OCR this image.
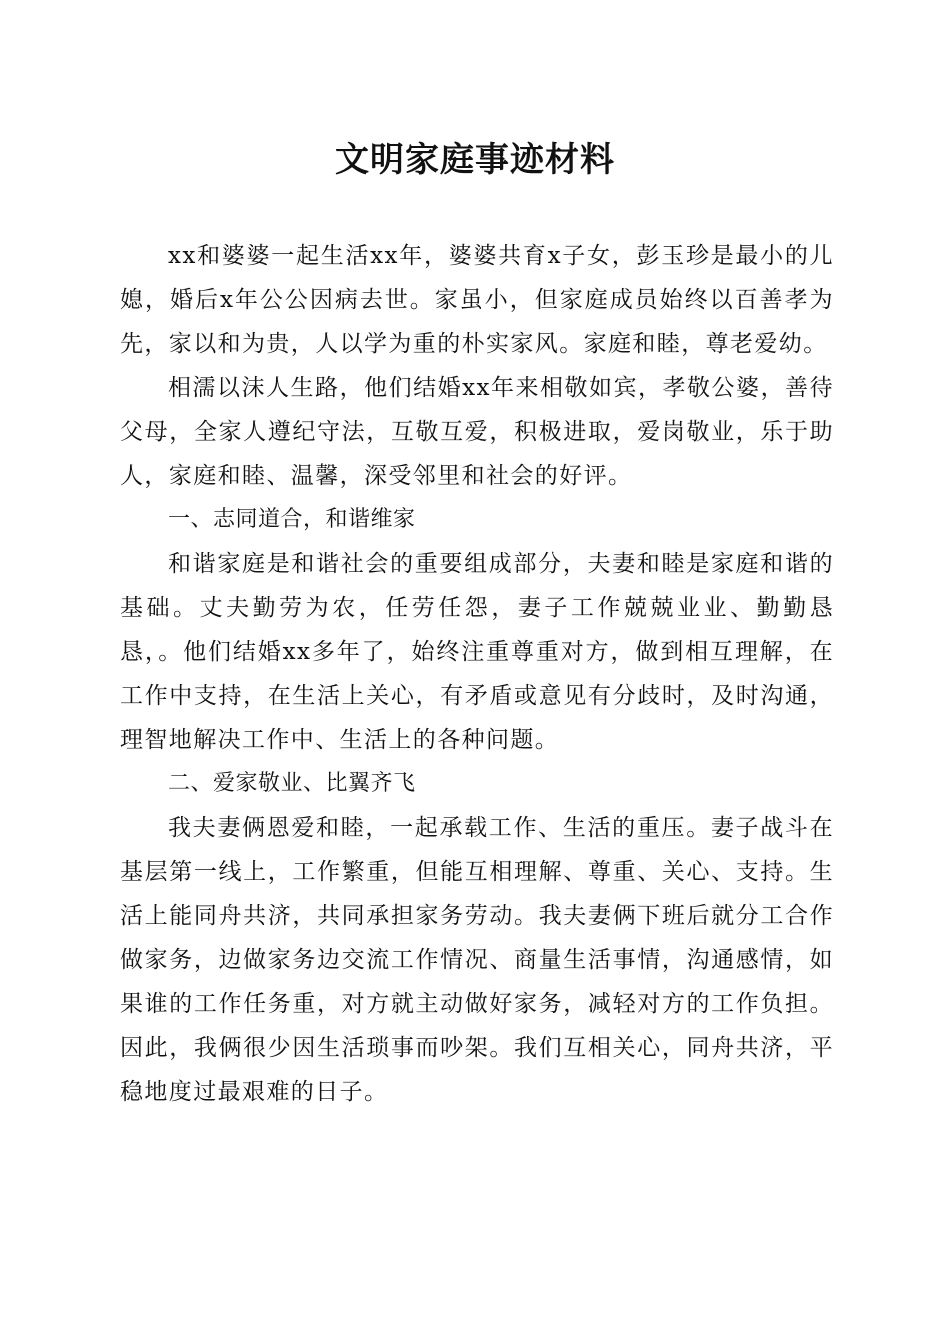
文明家庭事迹材料

xx和婆婆一起生活xx年，婆婆共育x子女，彭玉珍是最小的儿媳，婚后x年公公因病去世。家虽小，但家庭成员始终以百善孝为先，家以和为贵，人以学为重的朴实家风。家庭和睦，尊老爱幼。

相濡以沫人生路，他们结婚xx年来相敬如宾，孝敬公婆，善待父母，全家人遵纪守法，互敬互爱，积极进取，爱岗敬业，乐于助人，家庭和睦、温馨，深受邻里和社会的好评。

一、志同道合，和谐维家

和谐家庭是和谐社会的重要组成部分，夫妻和睦是家庭和谐的基础。丈夫勤劳为农，任劳任怨，妻子工作兢兢业业、勤勤恳恳，。他们结婚xx多年了，始终注重尊重对方，做到相互理解，在工作中支持，在生活上关心，有矛盾或意见有分歧时，及时沟通，理智地解决工作中、生活上的各种问题。

二、爱家敬业、比翼齐飞

我夫妻俩恩爱和睦，一起承载工作、生活的重压。妻子战斗在基层第一线上，工作繁重，但能互相理解、尊重、关心、支持。生活上能同舟共济，共同承担家务劳动。我夫妻俩下班后就分工合作做家务，边做家务边交流工作情况、商量生活事情，沟通感情，如果谁的工作任务重，对方就主动做好家务，减轻对方的工作负担。因此，我俩很少因生活琐事而吵架。我们互相关心，同舟共济，平稳地度过最艰难的日子。
